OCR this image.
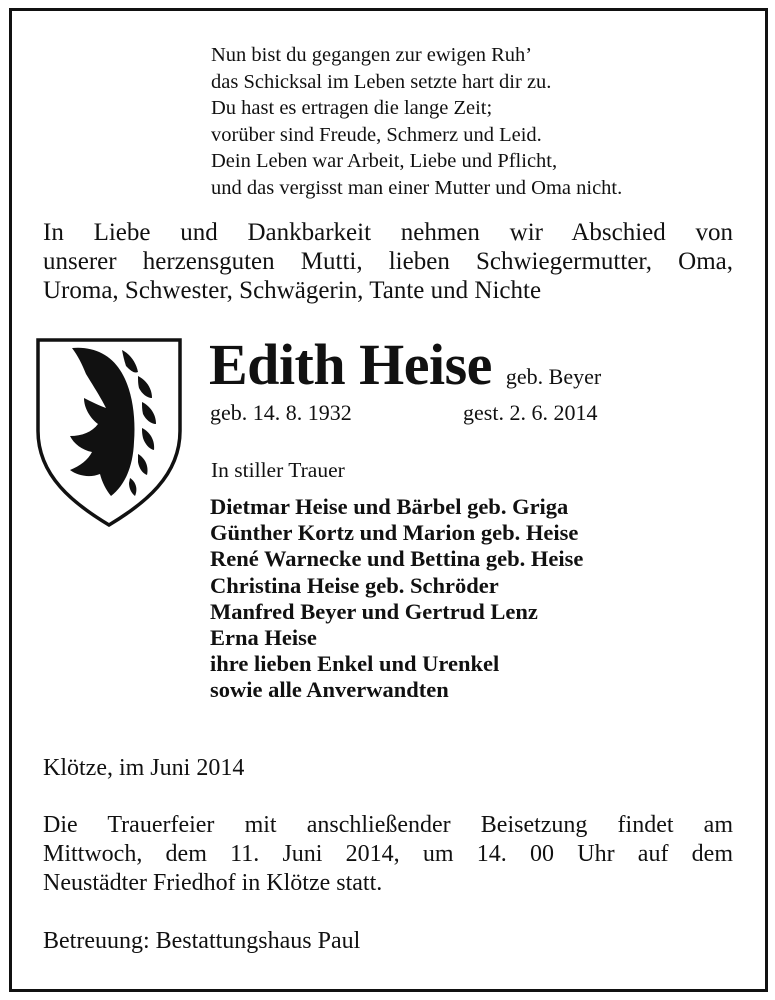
Nun bist du gegangen zur ewigen Ruh’
das Schicksal im Leben setzte hart dir zu.
Du hast es ertragen die lange Zeit;
vorüber sind Freude, Schmerz und Leid.
Dein Leben war Arbeit, Liebe und Pflicht,
und das vergisst man einer Mutter und Oma nicht.
In Liebe und Dankbarkeit nehmen wir Abschied von
unserer herzensguten Mutti, lieben Schwiegermutter, Oma,
Uroma, Schwester, Schwägerin, Tante und Nichte
Edith Heise geb. Beyer
geb. 14. 8. 1932	gest. 2. 6. 2014
In stiller Trauer
Dietmar Heise und Bärbel geb. Griga
Günther Kortz und Marion geb. Heise
René Warnecke und Bettina geb. Heise
Christina Heise geb. Schröder
Manfred Beyer und Gertrud Lenz
Erna Heise
ihre lieben Enkel und Urenkel
sowie alle Anverwandten
Klötze, im Juni 2014
Die Trauerfeier mit anschließender Beisetzung findet am
Mittwoch, dem 11. Juni 2014, um 14. 00 Uhr auf dem
Neustädter Friedhof in Klötze statt.
Betreuung: Bestattungshaus Paul
